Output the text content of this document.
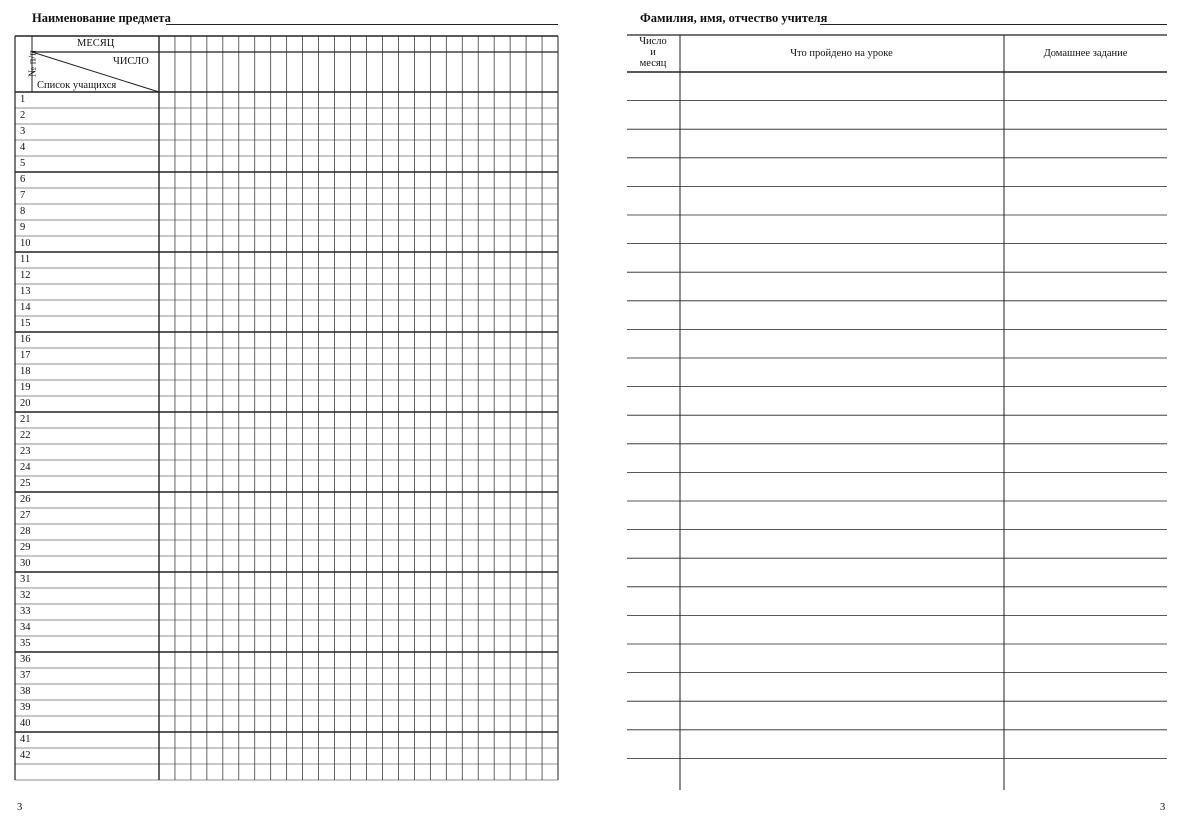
Наименование предмета
№ п/п
МЕСЯЦ
ЧИСЛО
Список учащихся
1
2
3
4
5
6
7
8
9
10
11
12
13
14
15
16
17
18
19
20
21
22
23
24
25
26
27
28
29
30
31
32
33
34
35
36
37
38
39
40
41
42
3
Фамилия, имя, отчество учителя
Число
и
месяц
Что пройдено на уроке	Домашнее задание
3
